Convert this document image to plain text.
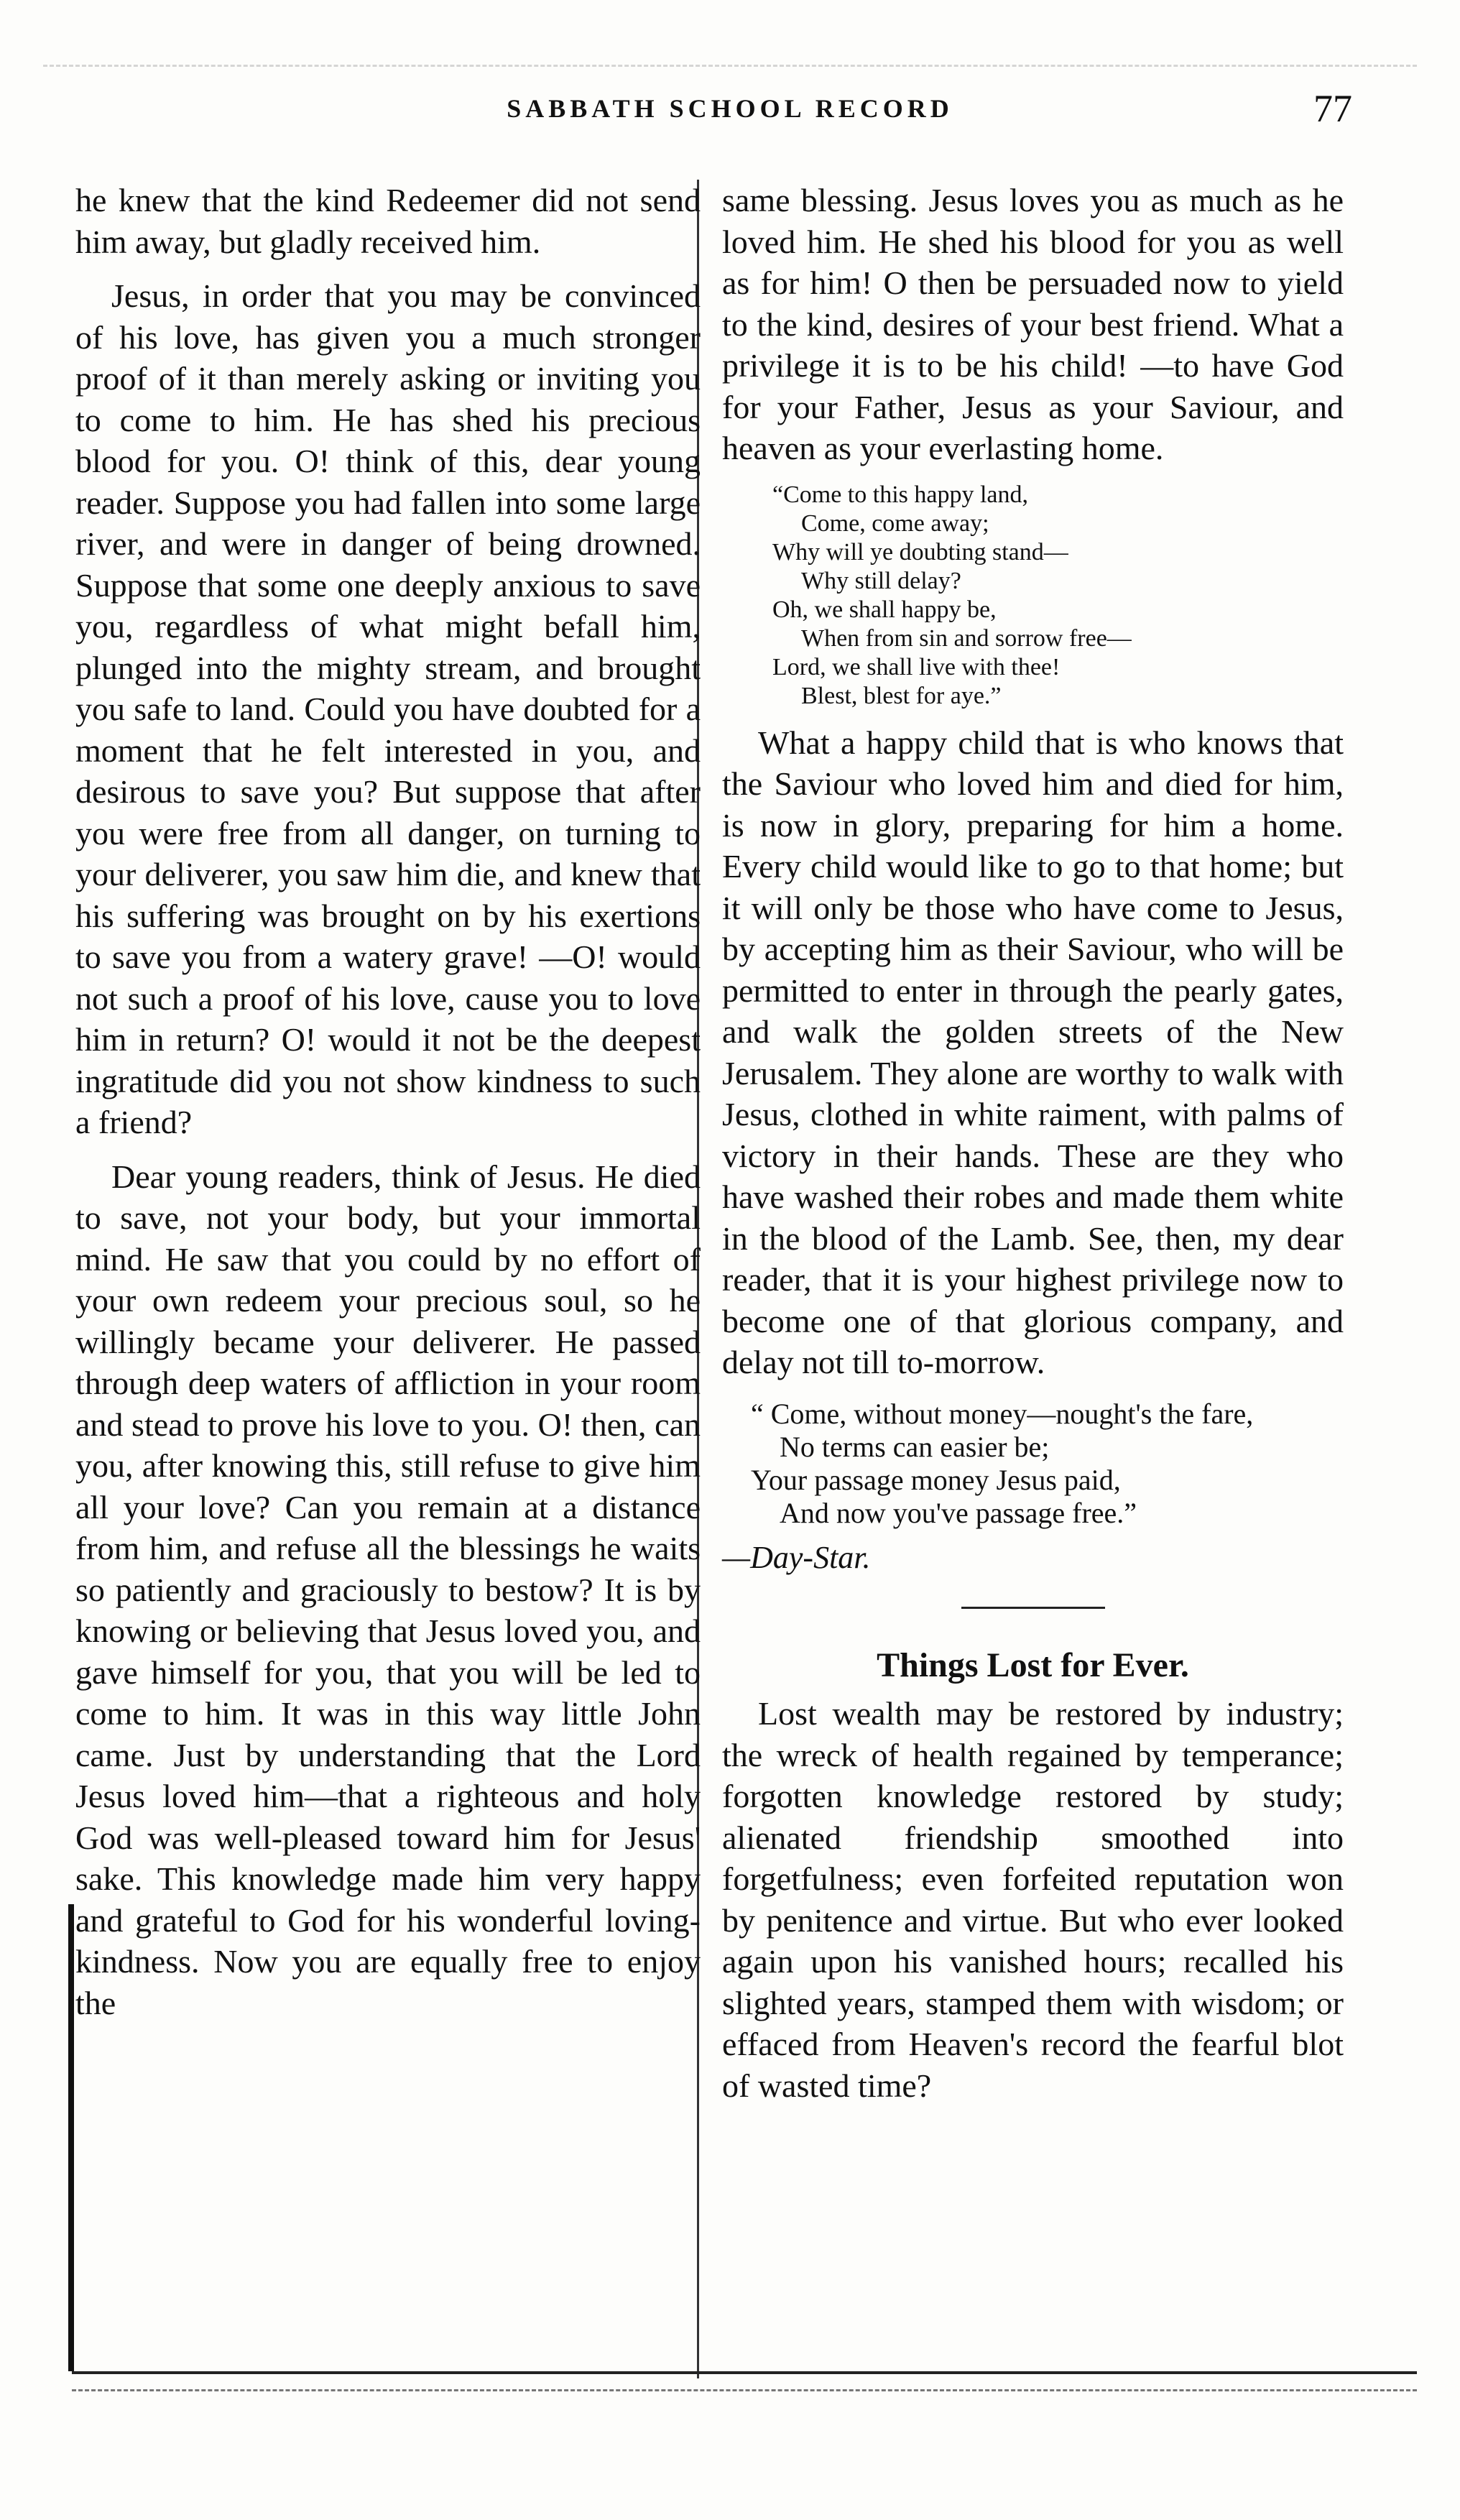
SABBATH SCHOOL RECORD	77

he knew that the kind Redeemer did not send him away, but gladly received him.

Jesus, in order that you may be convinced of his love, has given you a much stronger proof of it than merely asking or inviting you to come to him. He has shed his precious blood for you. O! think of this, dear young reader. Suppose you had fallen into some large river, and were in danger of being drowned. Suppose that some one deeply anxious to save you, regardless of what might befall him, plunged into the mighty stream, and brought you safe to land. Could you have doubted for a moment that he felt interested in you, and desirous to save you? But suppose that after you were free from all danger, on turning to your deliverer, you saw him die, and knew that his suffering was brought on by his exertions to save you from a watery grave! —O! would not such a proof of his love, cause you to love him in return? O! would it not be the deepest ingratitude did you not show kindness to such a friend?

Dear young readers, think of Jesus. He died to save, not your body, but your immortal mind. He saw that you could by no effort of your own redeem your precious soul, so he willingly became your deliverer. He passed through deep waters of affliction in your room and stead to prove his love to you. O! then, can you, after knowing this, still refuse to give him all your love? Can you remain at a distance from him, and refuse all the blessings he waits so patiently and graciously to bestow? It is by knowing or believing that Jesus loved you, and gave himself for you, that you will be led to come to him. It was in this way little John came. Just by understanding that the Lord Jesus loved him—that a righteous and holy God was well-pleased toward him for Jesus' sake. This knowledge made him very happy and grateful to God for his wonderful loving-kindness. Now you are equally free to enjoy the

same blessing. Jesus loves you as much as he loved him. He shed his blood for you as well as for him! O then be persuaded now to yield to the kind, desires of your best friend. What a privilege it is to be his child! —to have God for your Father, Jesus as your Saviour, and heaven as your everlasting home.

“Come to this happy land,
Come, come away;
Why will ye doubting stand—
Why still delay?
Oh, we shall happy be,
When from sin and sorrow free—
Lord, we shall live with thee!
Blest, blest for aye.”

What a happy child that is who knows that the Saviour who loved him and died for him, is now in glory, preparing for him a home. Every child would like to go to that home; but it will only be those who have come to Jesus, by accepting him as their Saviour, who will be permitted to enter in through the pearly gates, and walk the golden streets of the New Jerusalem. They alone are worthy to walk with Jesus, clothed in white raiment, with palms of victory in their hands. These are they who have washed their robes and made them white in the blood of the Lamb. See, then, my dear reader, that it is your highest privilege now to become one of that glorious company, and delay not till to-morrow.

“ Come, without money—nought's the fare,
No terms can easier be;
Your passage money Jesus paid,
And now you've passage free.”
—Day-Star.
Things Lost for Ever.

Lost wealth may be restored by industry; the wreck of health regained by temperance; forgotten knowledge restored by study; alienated friendship smoothed into forgetfulness; even forfeited reputation won by penitence and virtue. But who ever looked again upon his vanished hours; recalled his slighted years, stamped them with wisdom; or effaced from Heaven's record the fearful blot of wasted time?
